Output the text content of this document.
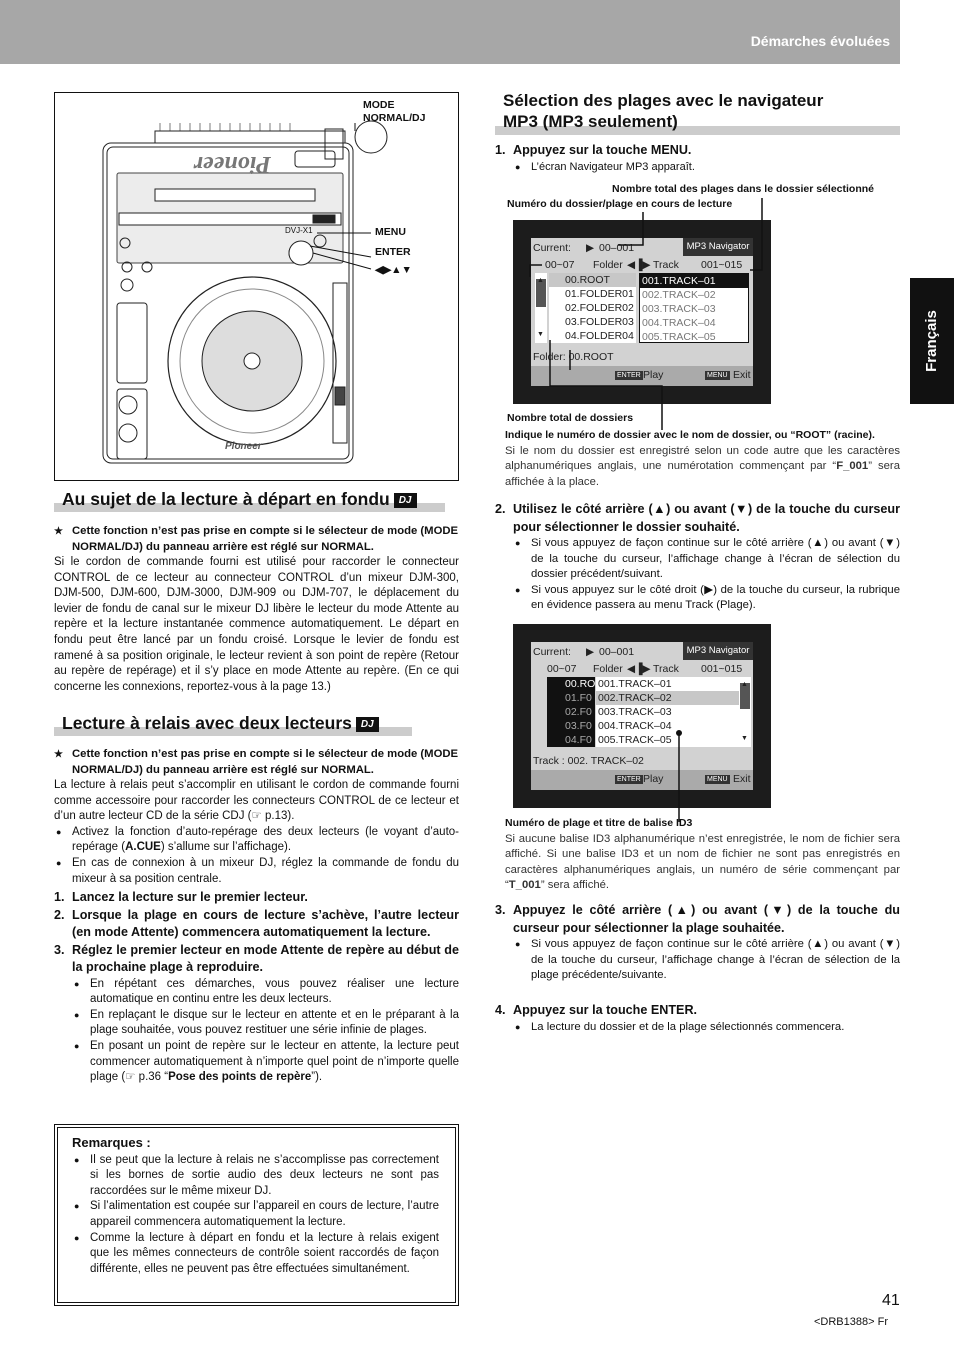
Démarches évoluées
Français
Pioneer
DVJ-X1
Pioneer
MODE NORMAL/DJ
MENU
ENTER
◀▶▲▼
Au sujet de la lecture à départ en fondu DJ
★ Cette fonction n’est pas prise en compte si le sélecteur de mode (MODE NORMAL/DJ) du panneau arrière est réglé sur NORMAL.

Si le cordon de commande fourni est utilisé pour raccorder le connecteur CONTROL de ce lecteur au connecteur CONTROL d’un mixeur DJM-300, DJM-500, DJM-600, DJM-3000, DJM-909 ou DJM-707, le déplacement du levier de fondu de canal sur le mixeur DJ libère le lecteur du mode Attente au repère et la lecture instantanée commence automatiquement. Le départ en fondu peut être lancé par un fondu croisé. Lorsque le levier de fondu est ramené à sa position originale, le lecteur revient à son point de repère (Retour au repère de repérage) et il s’y place en mode Attente au repère. (En ce qui concerne les connexions, reportez-vous à la page 13.)

Lecture à relais avec deux lecteurs DJ
★ Cette fonction n’est pas prise en compte si le sélecteur de mode (MODE NORMAL/DJ) du panneau arrière est réglé sur NORMAL.

La lecture à relais peut s’accomplir en utilisant le cordon de commande fourni comme accessoire pour raccorder les connecteurs CONTROL de ce lecteur et d’un autre lecteur CD de la série CDJ (☞ p.13).

● Activez la fonction d’auto-repérage des deux lecteurs (le voyant d’auto-repérage (A.CUE) s’allume sur l’affichage).
● En cas de connexion à un mixeur DJ, réglez la commande de fondu du mixeur à sa position centrale.
1. Lancez la lecture sur le premier lecteur.
2. Lorsque la plage en cours de lecture s’achève, l’autre lecteur (en mode Attente) commencera automatiquement la lecture.
3. Réglez le premier lecteur en mode Attente de repère au début de la prochaine plage à reproduire.
● En répétant ces démarches, vous pouvez réaliser une lecture automatique en continu entre les deux lecteurs.
● En replaçant le disque sur le lecteur en attente et en le préparant à la plage souhaitée, vous pouvez restituer une série infinie de plages.
● En posant un point de repère sur le lecteur en attente, la lecture peut commencer automatiquement à n’importe quel point de n’importe quelle plage (☞ p.36 “Pose des points de repère”).
Remarques :
● Il se peut que la lecture à relais ne s’accomplisse pas correctement si les bornes de sortie audio des deux lecteurs ne sont pas raccordées sur le même mixeur DJ.
● Si l’alimentation est coupée sur l’appareil en cours de lecture, l’autre appareil commencera automatiquement la lecture.
● Comme la lecture à départ en fondu et la lecture à relais exigent que les mêmes connecteurs de contrôle soient raccordés de façon différente, elles ne peuvent pas être effectuées simultanément.
Sélection des plages avec le navigateur
MP3 (MP3 seulement)
1. Appuyez sur la touche MENU.
● L’écran Navigateur MP3 apparaît.
Nombre total des plages dans le dossier sélectionné
Numéro du dossier/plage en cours de lecture
Current: ▶ 00–001	MP3 Navigator
00~07 Folder ◀▐▶ Track 001~015
▲
▼
00.ROOT
01.FOLDER01
02.FOLDER02
03.FOLDER03
04.FOLDER04
001.TRACK–01
002.TRACK–02
003.TRACK–03
004.TRACK–04
005.TRACK–05
Folder: 00.ROOT
ENTER Play	MENU Exit
Nombre total de dossiers
Indique le numéro de dossier avec le nom de dossier, ou “ROOT” (racine).

Si le nom du dossier est enregistré selon un code autre que les caractères alphanumériques anglais, une numérotation commençant par “F_001” sera affichée à la place.

2. Utilisez le côté arrière (▲) ou avant (▼) de la touche du curseur pour sélectionner le dossier souhaité.
● Si vous appuyez de façon continue sur le côté arrière (▲) ou avant (▼) de la touche du curseur, l’affichage change à l’écran de sélection du dossier précédent/suivant.
● Si vous appuyez sur le côté droit (▶) de la touche du curseur, la rubrique en évidence passera au menu Track (Plage).
Current: ▶ 00–001	MP3 Navigator
00~07 Folder ◀▐▶ Track 001~015
00.RO
01.F0
02.F0
03.F0
04.F0
001.TRACK–01
002.TRACK–02
003.TRACK–03
004.TRACK–04
005.TRACK–05
▲
▼
Track : 002. TRACK–02
ENTER Play	MENU Exit
Numéro de plage et titre de balise ID3

Si aucune balise ID3 alphanumérique n’est enregistrée, le nom de fichier sera affiché. Si une balise ID3 et un nom de fichier ne sont pas enregistrés en caractères alphanumériques anglais, un numéro de série commençant par “T_001” sera affiché.

3. Appuyez le côté arrière (▲) ou avant (▼) de la touche du curseur pour sélectionner la plage souhaitée.
● Si vous appuyez de façon continue sur le côté arrière (▲) ou avant (▼) de la touche du curseur, l’affichage change à l’écran de sélection de la plage précédente/suivante.
4. Appuyez sur la touche ENTER.
● La lecture du dossier et de la plage sélectionnés commencera.
41
<DRB1388> Fr
